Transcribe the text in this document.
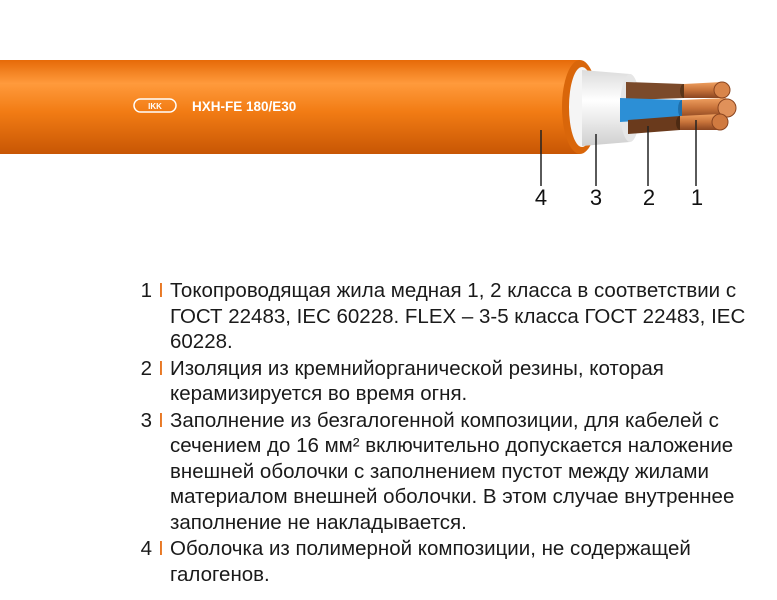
IKK HXH-FE 180/E30
4 3 2 1
1 I Токопроводящая жила медная 1, 2 класса в соответствии с ГОСТ 22483, IEC 60228. FLEX – 3-5 класса ГОСТ 22483, IEC 60228.
2 I Изоляция из кремнийорганической резины, которая керамизируется во время огня.
3 I Заполнение из безгалогенной композиции, для кабелей с сечением до 16 мм² включительно допускается наложение внешней оболочки с заполнением пустот между жилами материалом внешней оболочки. В этом случае внутреннее заполнение не накладывается.
4 I Оболочка из полимерной композиции, не содержащей галогенов.
